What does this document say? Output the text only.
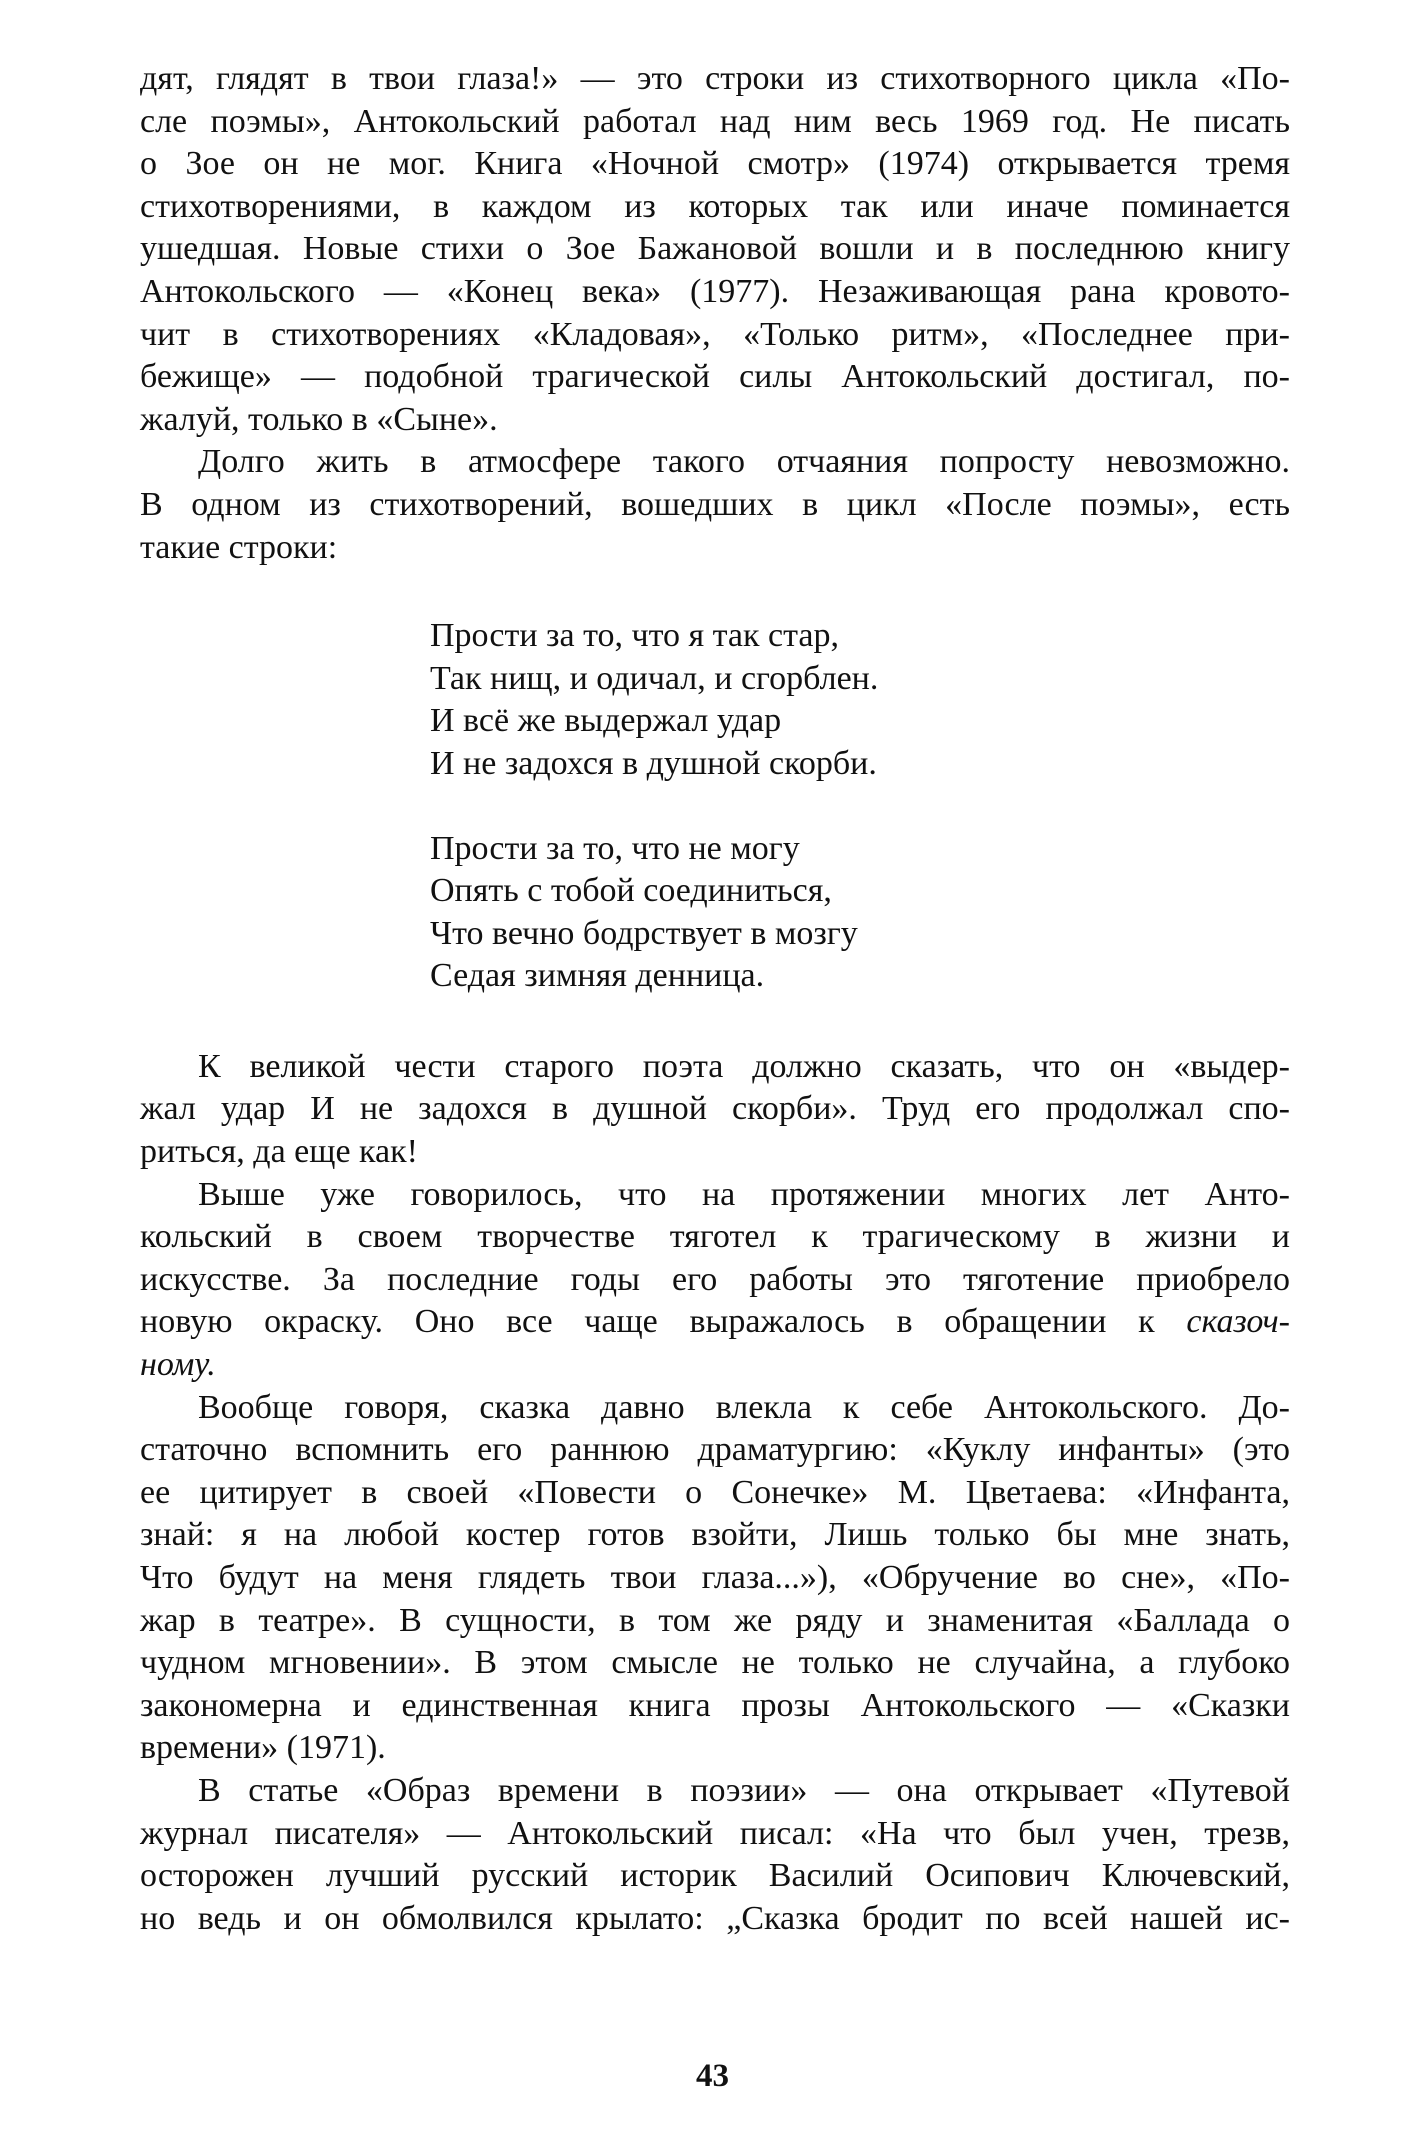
дят, глядят в твои глаза!» — это строки из стихотворного цикла «По-
сле поэмы», Антокольский работал над ним весь 1969 год. Не писать
о Зое он не мог. Книга «Ночной смотр» (1974) открывается тремя
стихотворениями, в каждом из которых так или иначе поминается
ушедшая. Новые стихи о Зое Бажановой вошли и в последнюю книгу
Антокольского — «Конец века» (1977). Незаживающая рана кровото-
чит в стихотворениях «Кладовая», «Только ритм», «Последнее при-
бежище» — подобной трагической силы Антокольский достигал, по-
жалуй, только в «Сыне».
Долго жить в атмосфере такого отчаяния попросту невозможно.
В одном из стихотворений, вошедших в цикл «После поэмы», есть
такие строки:
Прости за то, что я так стар,
Так нищ, и одичал, и сгорблен.
И всё же выдержал удар
И не задохся в душной скорби.
Прости за то, что не могу
Опять с тобой соединиться,
Что вечно бодрствует в мозгу
Седая зимняя денница.
К великой чести старого поэта должно сказать, что он «выдер-
жал удар И не задохся в душной скорби». Труд его продолжал спо-
риться, да еще как!
Выше уже говорилось, что на протяжении многих лет Анто-
кольский в своем творчестве тяготел к трагическому в жизни и
искусстве. За последние годы его работы это тяготение приобрело
новую окраску. Оно все чаще выражалось в обращении к сказоч-
ному.
Вообще говоря, сказка давно влекла к себе Антокольского. До-
статочно вспомнить его раннюю драматургию: «Куклу инфанты» (это
ее цитирует в своей «Повести о Сонечке» М. Цветаева: «Инфанта,
знай: я на любой костер готов взойти, Лишь только бы мне знать,
Что будут на меня глядеть твои глаза...»), «Обручение во сне», «По-
жар в театре». В сущности, в том же ряду и знаменитая «Баллада о
чудном мгновении». В этом смысле не только не случайна, а глубоко
закономерна и единственная книга прозы Антокольского — «Сказки
времени» (1971).
В статье «Образ времени в поэзии» — она открывает «Путевой
журнал писателя» — Антокольский писал: «На что был учен, трезв,
осторожен лучший русский историк Василий Осипович Ключевский,
но ведь и он обмолвился крылато: „Сказка бродит по всей нашей ис-
43
